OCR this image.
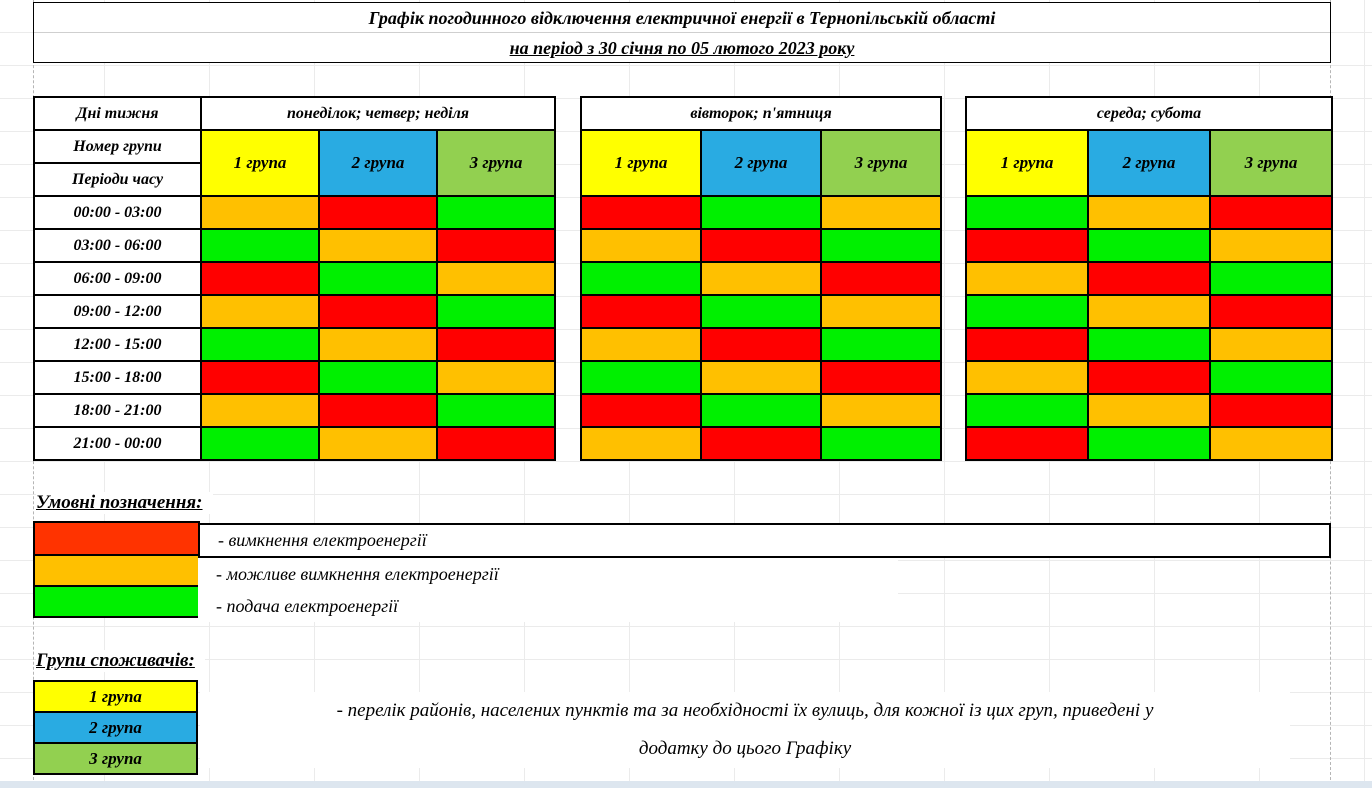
Графік погодинного відключення електричної енергії в Тернопільській області
на період з 30 січня по 05 лютого 2023 року
Дні тижня	понеділок; четвер; неділя				вівторок; п'ятниця				середа; субота		
Номер групи	1 група	2 група	3 група		1 група	2 група	3 група		1 група	2 група	3 група
Періоди часу											
00:00 - 03:00											
03:00 - 06:00											
06:00 - 09:00											
09:00 - 12:00											
12:00 - 15:00											
15:00 - 18:00											
18:00 - 21:00											
21:00 - 00:00											
Умовні позначення:
- вимкнення електроенергії
- можливе вимкнення електроенергії
- подача електроенергії
Групи споживачів:
1 група
2 група
3 група
- перелік районів, населених пунктів та за необхідності їх вулиць, для кожної із цих груп, приведені у
додатку до цього Графіку
